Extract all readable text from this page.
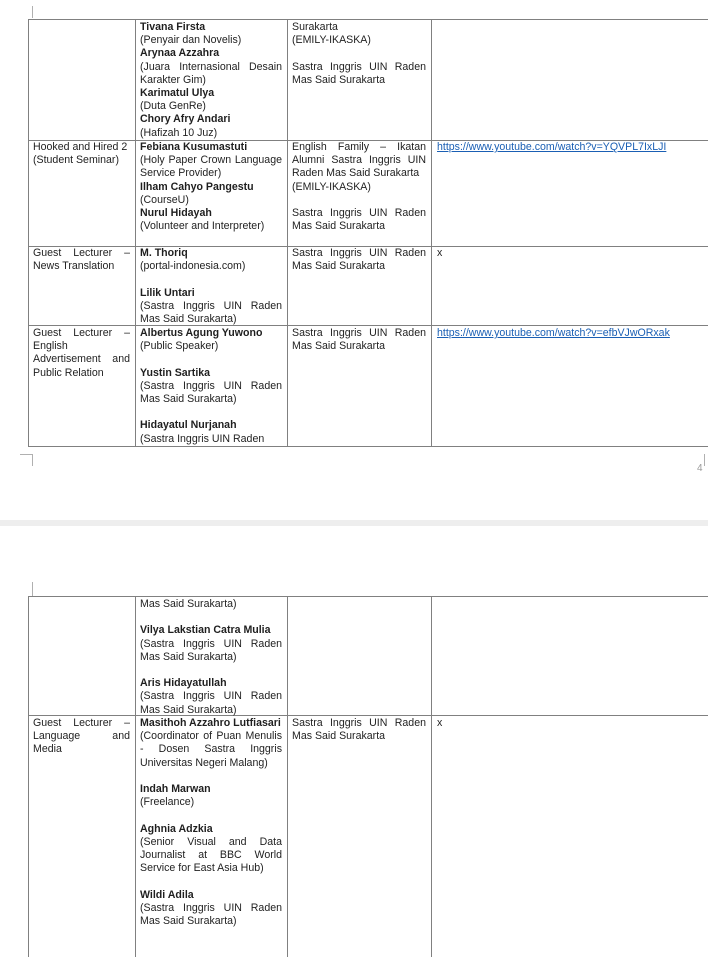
Tivana Firsta
(Penyair dan Novelis)
Arynaa Azzahra
(Juara Internasional Desain Karakter Gim)
Karimatul Ulya
(Duta GenRe)
Chory Afry Andari
(Hafizah 10 Juz)
Surakarta
(EMILY-IKASKA)
Sastra Inggris UIN Raden Mas Said Surakarta
Hooked and Hired 2
(Student Seminar)
Febiana Kusumastuti
(Holy Paper Crown Language Service Provider)
Ilham Cahyo Pangestu
(CourseU)
Nurul Hidayah
(Volunteer and Interpreter)
English Family – Ikatan Alumni Sastra Inggris UIN Raden Mas Said Surakarta
(EMILY-IKASKA)
Sastra Inggris UIN Raden Mas Said Surakarta
https://www.youtube.com/watch?v=YQVPL7IxLJI
Guest Lecturer – News Translation
M. Thoriq
(portal-indonesia.com)
Lilik Untari
(Sastra Inggris UIN Raden Mas Said Surakarta)
Sastra Inggris UIN Raden Mas Said Surakarta
x
Guest Lecturer – English Advertisement and Public Relation
Albertus Agung Yuwono
(Public Speaker)
Yustin Sartika
(Sastra Inggris UIN Raden Mas Said Surakarta)
Hidayatul Nurjanah
(Sastra Inggris UIN Raden
Sastra Inggris UIN Raden Mas Said Surakarta
https://www.youtube.com/watch?v=efbVJwORxak
4
Mas Said Surakarta)
Vilya Lakstian Catra Mulia
(Sastra Inggris UIN Raden Mas Said Surakarta)
Aris Hidayatullah
(Sastra Inggris UIN Raden Mas Said Surakarta)
Guest Lecturer – Language and Media
Masithoh Azzahro Lutfiasari
(Coordinator of Puan Menulis - Dosen Sastra Inggris Universitas Negeri Malang)
Indah Marwan
(Freelance)
Aghnia Adzkia
(Senior Visual and Data Journalist at BBC World Service for East Asia Hub)
Wildi Adila
(Sastra Inggris UIN Raden Mas Said Surakarta)
Sastra Inggris UIN Raden Mas Said Surakarta
x
